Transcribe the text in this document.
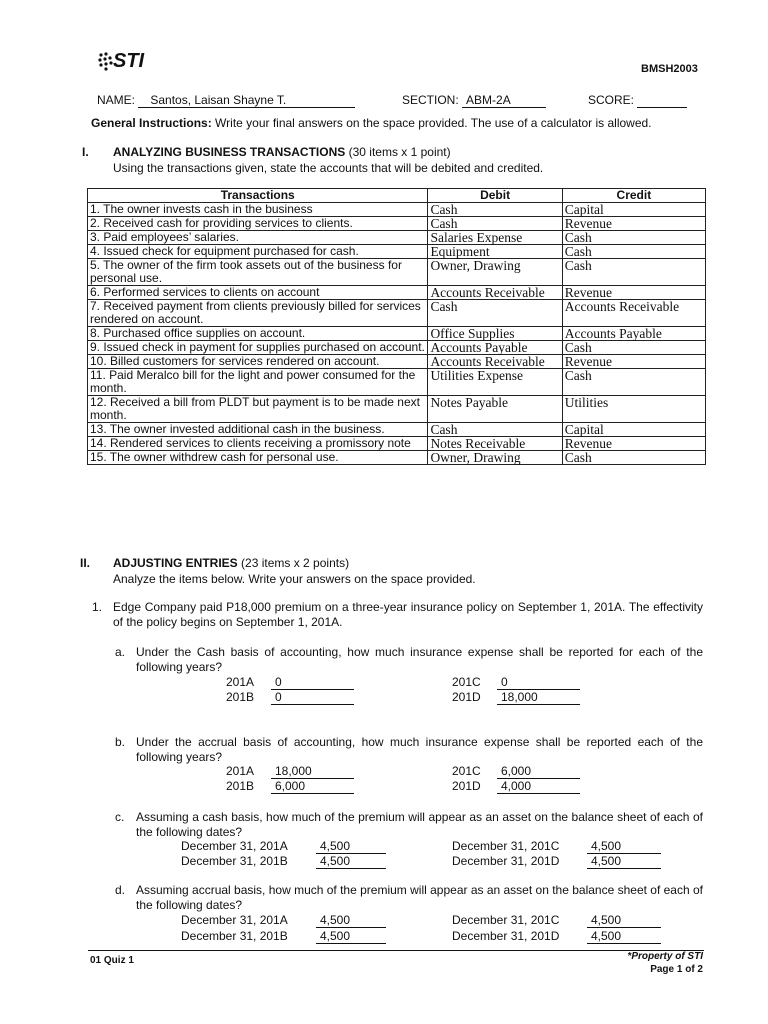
STI	BMSH2003
NAME: Santos, Laisan Shayne T.	SECTION: ABM-2A	SCORE:
General Instructions: Write your final answers on the space provided. The use of a calculator is allowed.
I. ANALYZING BUSINESS TRANSACTIONS (30 items x 1 point)
Using the transactions given, state the accounts that will be debited and credited.
Transactions	Debit	Credit
1. The owner invests cash in the business	Cash	Capital
2. Received cash for providing services to clients.	Cash	Revenue
3. Paid employees’ salaries.	Salaries Expense	Cash
4. Issued check for equipment purchased for cash.	Equipment	Cash
5. The owner of the firm took assets out of the business for personal use.	Owner, Drawing	Cash
6. Performed services to clients on account	Accounts Receivable	Revenue
7. Received payment from clients previously billed for services rendered on account.	Cash	Accounts Receivable
8. Purchased office supplies on account.	Office Supplies	Accounts Payable
9. Issued check in payment for supplies purchased on account.	Accounts Payable	Cash
10. Billed customers for services rendered on account.	Accounts Receivable	Revenue
11. Paid Meralco bill for the light and power consumed for the month.	Utilities Expense	Cash
12. Received a bill from PLDT but payment is to be made next month.	Notes Payable	Utilities
13. The owner invested additional cash in the business.	Cash	Capital
14. Rendered services to clients receiving a promissory note	Notes Receivable	Revenue
15. The owner withdrew cash for personal use.	Owner, Drawing	Cash
II. ADJUSTING ENTRIES (23 items x 2 points)
Analyze the items below. Write your answers on the space provided.
1. Edge Company paid P18,000 premium on a three-year insurance policy on September 1, 201A. The effectivity of the policy begins on September 1, 201A.
a. Under the Cash basis of accounting, how much insurance expense shall be reported for each of the following years?
201A 0
201B 0
201C 0
201D 18,000
b. Under the accrual basis of accounting, how much insurance expense shall be reported each of the following years?
201A 18,000
201B 6,000
201C 6,000
201D 4,000
c. Assuming a cash basis, how much of the premium will appear as an asset on the balance sheet of each of the following dates?
December 31, 201A	4,500
December 31, 201B	4,500
December 31, 201C	4,500
December 31, 201D	4,500
d. Assuming accrual basis, how much of the premium will appear as an asset on the balance sheet of each of the following dates?
December 31, 201A	4,500
December 31, 201B	4,500
December 31, 201C	4,500
December 31, 201D	4,500
01 Quiz 1	*Property of STI
Page 1 of 2
